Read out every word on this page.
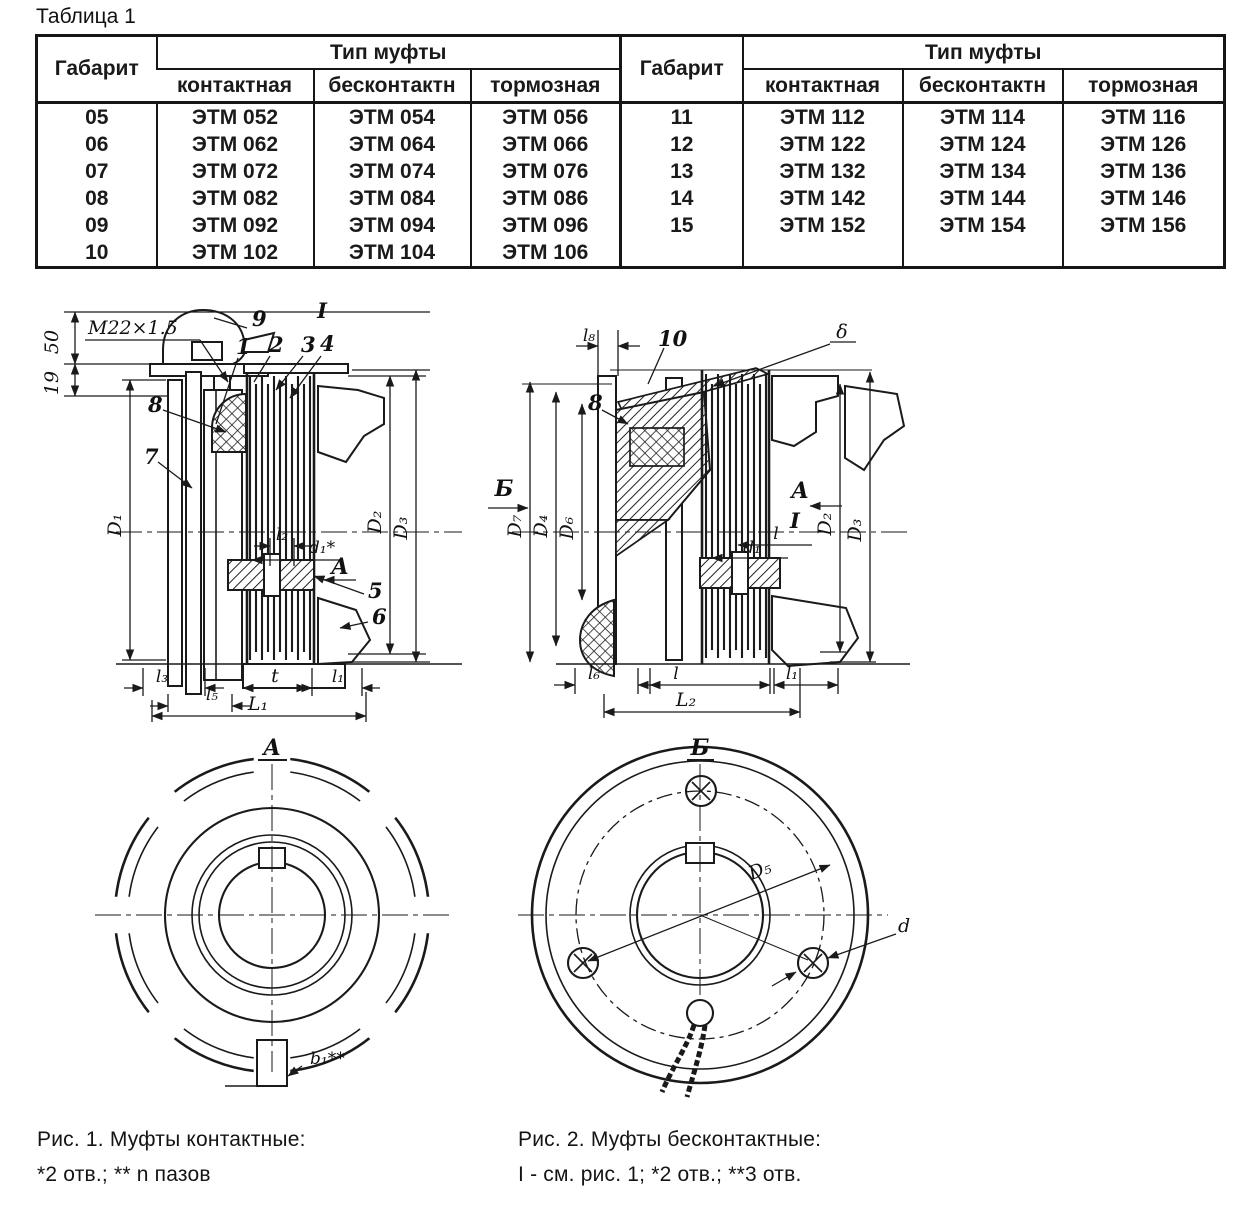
Таблица 1
Габарит	Тип муфты			Габарит	Тип муфты		
	контактная	бесконтактн	тормозная		контактная	бесконтактн	тормозная
05	ЭТМ 052	ЭТМ 054	ЭТМ 056	11	ЭТМ 112	ЭТМ 114	ЭТМ 116
06	ЭТМ 062	ЭТМ 064	ЭТМ 066	12	ЭТМ 122	ЭТМ 124	ЭТМ 126
07	ЭТМ 072	ЭТМ 074	ЭТМ 076	13	ЭТМ 132	ЭТМ 134	ЭТМ 136
08	ЭТМ 082	ЭТМ 084	ЭТМ 086	14	ЭТМ 142	ЭТМ 144	ЭТМ 146
09	ЭТМ 092	ЭТМ 094	ЭТМ 096	15	ЭТМ 152	ЭТМ 154	ЭТМ 156
10	ЭТМ 102	ЭТМ 104	ЭТМ 106				
М22×1.5
50
19
9
1 2 3 4
8
7
5
6
I
D₁	D₂ D₃
l₂
d₁*
A
l₃
l₅
t	l₁
L₁
l₈	10	δ
8
Б
D₇ D₄ D₆	D₂ D₃
A
I
l
d₁
l₆	l	l₁
L₂
A
b₁**
Б
D₅
d
Рис. 1. Муфты контактные:
*2 отв.; ** n пазов
Рис. 2. Муфты бесконтактные:
I - см. рис. 1; *2 отв.; **3 отв.
